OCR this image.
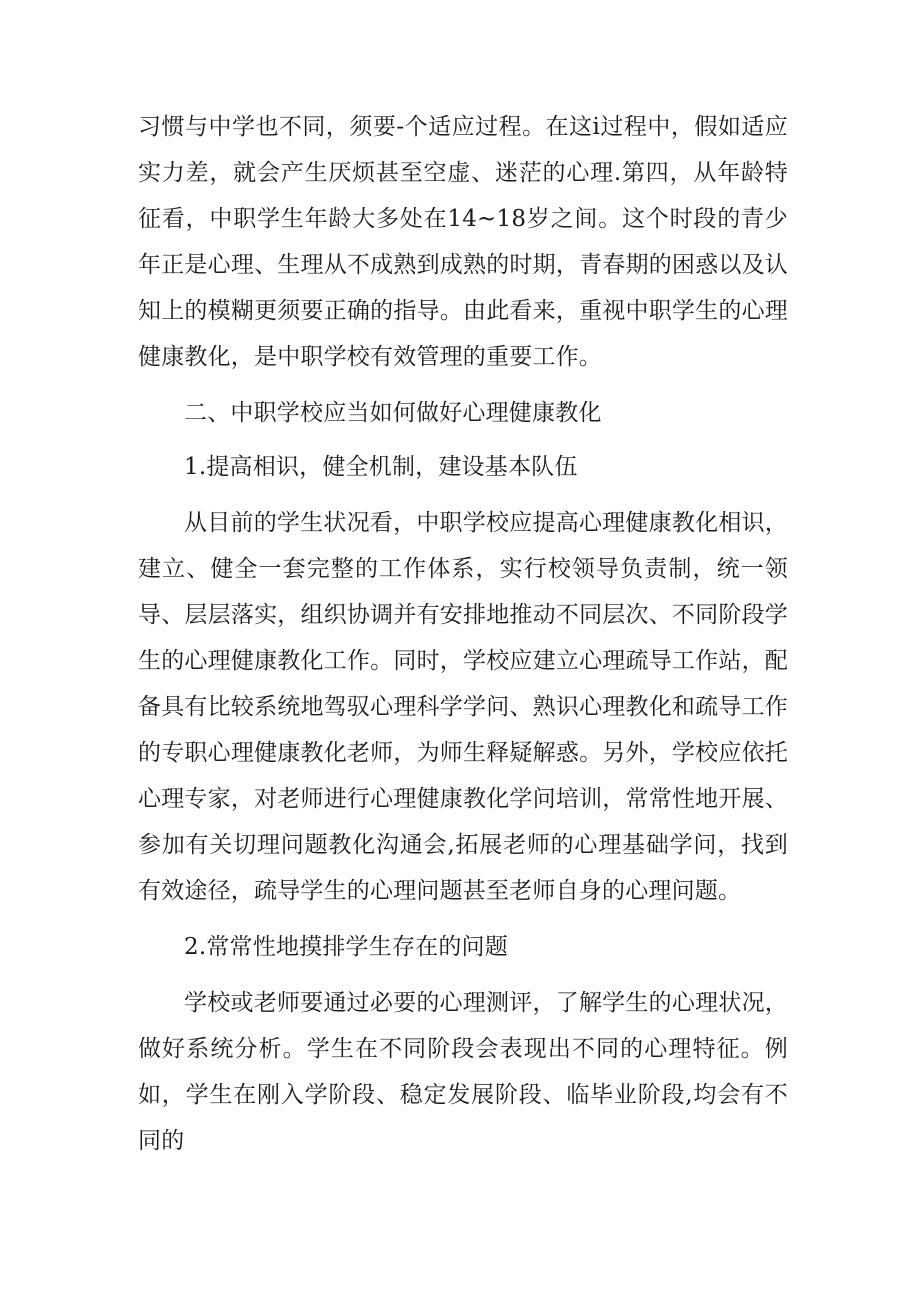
习惯与中学也不同，须要-个适应过程。在这i过程中，假如适应实力差，就会产生厌烦甚至空虚、迷茫的心理.第四，从年龄特征看，中职学生年龄大多处在14~18岁之间。这个时段的青少年正是心理、生理从不成熟到成熟的时期，青春期的困惑以及认知上的模糊更须要正确的指导。由此看来，重视中职学生的心理健康教化，是中职学校有效管理的重要工作。

二、中职学校应当如何做好心理健康教化

1.提高相识，健全机制，建设基本队伍

从目前的学生状况看，中职学校应提高心理健康教化相识，建立、健全一套完整的工作体系，实行校领导负责制，统一领导、层层落实，组织协调并有安排地推动不同层次、不同阶段学生的心理健康教化工作。同时，学校应建立心理疏导工作站，配备具有比较系统地驾驭心理科学学问、熟识心理教化和疏导工作的专职心理健康教化老师，为师生释疑解惑。另外，学校应依托心理专家，对老师进行心理健康教化学问培训，常常性地开展、参加有关切理问题教化沟通会,拓展老师的心理基础学问，找到有效途径，疏导学生的心理问题甚至老师自身的心理问题。

2.常常性地摸排学生存在的问题

学校或老师要通过必要的心理测评，了解学生的心理状况，做好系统分析。学生在不同阶段会表现出不同的心理特征。例如，学生在刚入学阶段、稳定发展阶段、临毕业阶段,均会有不同的
